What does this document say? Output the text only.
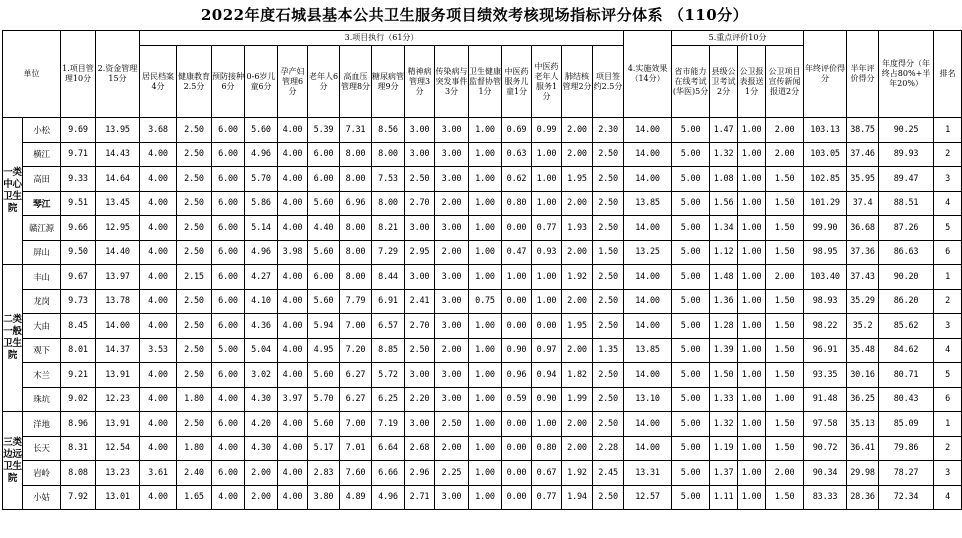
2022年度石城县基本公共卫生服务项目绩效考核现场指标评分体系 （110分）
单位		1.项目管理10分	2.资金管理15分	3.项目执行（61分）															4.实施效果（14分）	5.重点评价10分				年终评价得分	半年评价得分	年度得分（年终占80%+半年20%）	排名
				居民档案4分	健康教育2.5分	预防接种6分	0-6岁儿童6分	孕产妇管理6分	老年人6分	高血压管理8分	糖尿病管理9分	精神病管理3分	传染病与突发事件3分	卫生健康监督协管1分	中医药服务儿童1分	中医药老年人服务1分	肺结核管理2分	项目签约2.5分		省市能力在线考试(华医)5分	县级公卫考试2分	公卫报表报送1分	公卫项目宣传新闻报道2分				
一类中心卫生院	小松	9.69	13.95	3.68	2.50	6.00	5.60	4.00	5.39	7.31	8.56	3.00	3.00	1.00	0.69	0.99	2.00	2.30	14.00	5.00	1.47	1.00	2.00	103.13	38.75	90.25	1
	横江	9.71	14.43	4.00	2.50	6.00	4.96	4.00	6.00	8.00	8.00	3.00	3.00	1.00	0.63	1.00	2.00	2.50	14.00	5.00	1.32	1.00	2.00	103.05	37.46	89.93	2
	高田	9.33	14.64	4.00	2.50	6.00	5.70	4.00	6.00	8.00	7.53	2.50	3.00	1.00	0.62	1.00	1.95	2.50	14.00	5.00	1.08	1.00	1.50	102.85	35.95	89.47	3
	琴江	9.51	13.45	4.00	2.50	6.00	5.86	4.00	5.60	6.96	8.00	2.70	2.00	1.00	0.80	1.00	2.00	2.50	13.85	5.00	1.56	1.00	1.50	101.29	37.4	88.51	4
	赣江源	9.66	12.95	4.00	2.50	6.00	5.14	4.00	4.40	8.00	8.21	3.00	3.00	1.00	0.00	0.77	1.93	2.50	14.00	5.00	1.34	1.00	1.50	99.90	36.68	87.26	5
	屏山	9.50	14.40	4.00	2.50	6.00	4.96	3.98	5.60	8.00	7.29	2.95	2.00	1.00	0.47	0.93	2.00	1.50	13.25	5.00	1.12	1.00	1.50	98.95	37.36	86.63	6
二类一般卫生院	丰山	9.67	13.97	4.00	2.15	6.00	4.27	4.00	6.00	8.00	8.44	3.00	3.00	1.00	1.00	1.00	1.92	2.50	14.00	5.00	1.48	1.00	2.00	103.40	37.43	90.20	1
	龙岗	9.73	13.78	4.00	2.50	6.00	4.10	4.00	5.60	7.79	6.91	2.41	3.00	0.75	0.00	1.00	2.00	2.50	14.00	5.00	1.36	1.00	1.50	98.93	35.29	86.20	2
	大由	8.45	14.00	4.00	2.50	6.00	4.36	4.00	5.94	7.00	6.57	2.70	3.00	1.00	0.00	0.00	1.95	2.50	14.00	5.00	1.28	1.00	1.50	98.22	35.2	85.62	3
	观下	8.01	14.37	3.53	2.50	5.00	5.04	4.00	4.95	7.20	8.85	2.50	2.00	1.00	0.90	0.97	2.00	1.35	13.85	5.00	1.39	1.00	1.50	96.91	35.48	84.62	4
	木兰	9.21	13.91	4.00	2.50	6.00	3.02	4.00	5.60	6.27	5.72	3.00	3.00	1.00	0.96	0.94	1.82	2.50	14.00	5.00	1.50	1.00	1.50	93.35	30.16	80.71	5
	珠坑	9.02	12.23	4.00	1.80	4.00	4.30	3.97	5.70	6.27	6.25	2.20	3.00	1.00	0.59	0.90	1.99	2.50	13.10	5.00	1.33	1.00	1.00	91.48	36.25	80.43	6
三类边远卫生院	洋地	8.96	13.91	4.00	2.50	6.00	4.20	4.00	5.60	7.00	7.19	3.00	2.50	1.00	0.00	1.00	2.00	2.50	14.00	5.00	1.32	1.00	1.50	97.58	35.13	85.09	1
	长天	8.31	12.54	4.00	1.80	4.00	4.30	4.00	5.17	7.01	6.64	2.68	2.00	1.00	0.00	0.80	2.00	2.28	14.00	5.00	1.19	1.00	1.50	90.72	36.41	79.86	2
	岩岭	8.08	13.23	3.61	2.40	6.00	2.00	4.00	2.83	7.60	6.66	2.96	2.25	1.00	0.00	0.67	1.92	2.45	13.31	5.00	1.37	1.00	2.00	90.34	29.98	78.27	3
	小姑	7.92	13.01	4.00	1.65	4.00	2.00	4.00	3.80	4.89	4.96	2.71	3.00	1.00	0.00	0.77	1.94	2.50	12.57	5.00	1.11	1.00	1.50	83.33	28.36	72.34	4
